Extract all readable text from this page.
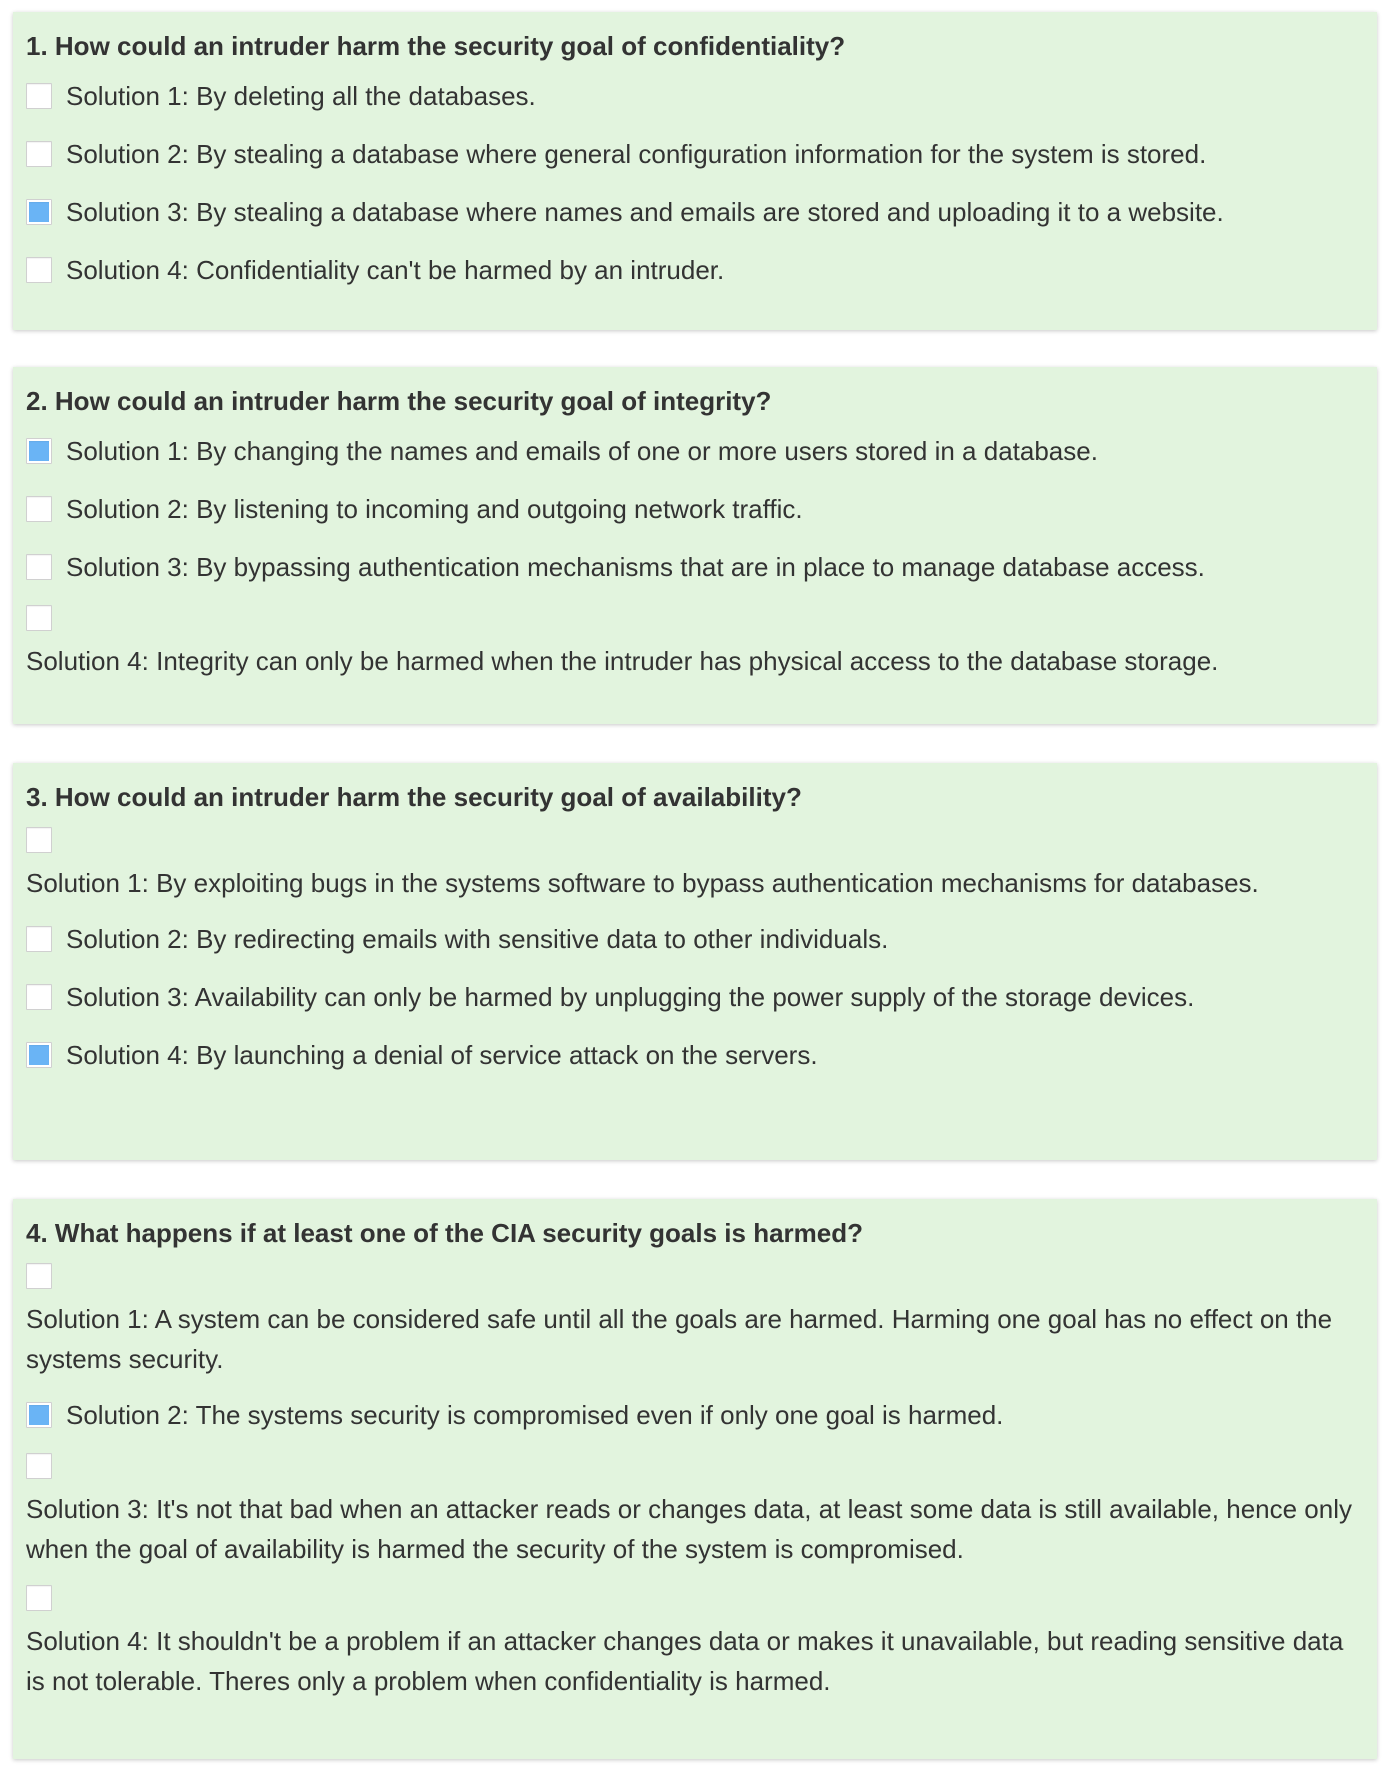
1. How could an intruder harm the security goal of confidentiality?
Solution 1: By deleting all the databases.
Solution 2: By stealing a database where general configuration information for the system is stored.
Solution 3: By stealing a database where names and emails are stored and uploading it to a website.
Solution 4: Confidentiality can't be harmed by an intruder.
2. How could an intruder harm the security goal of integrity?
Solution 1: By changing the names and emails of one or more users stored in a database.
Solution 2: By listening to incoming and outgoing network traffic.
Solution 3: By bypassing authentication mechanisms that are in place to manage database access.
Solution 4: Integrity can only be harmed when the intruder has physical access to the database storage.
3. How could an intruder harm the security goal of availability?
Solution 1: By exploiting bugs in the systems software to bypass authentication mechanisms for databases.
Solution 2: By redirecting emails with sensitive data to other individuals.
Solution 3: Availability can only be harmed by unplugging the power supply of the storage devices.
Solution 4: By launching a denial of service attack on the servers.
4. What happens if at least one of the CIA security goals is harmed?
Solution 1: A system can be considered safe until all the goals are harmed. Harming one goal has no effect on the systems security.
Solution 2: The systems security is compromised even if only one goal is harmed.
Solution 3: It's not that bad when an attacker reads or changes data, at least some data is still available, hence only when the goal of availability is harmed the security of the system is compromised.
Solution 4: It shouldn't be a problem if an attacker changes data or makes it unavailable, but reading sensitive data is not tolerable. Theres only a problem when confidentiality is harmed.
